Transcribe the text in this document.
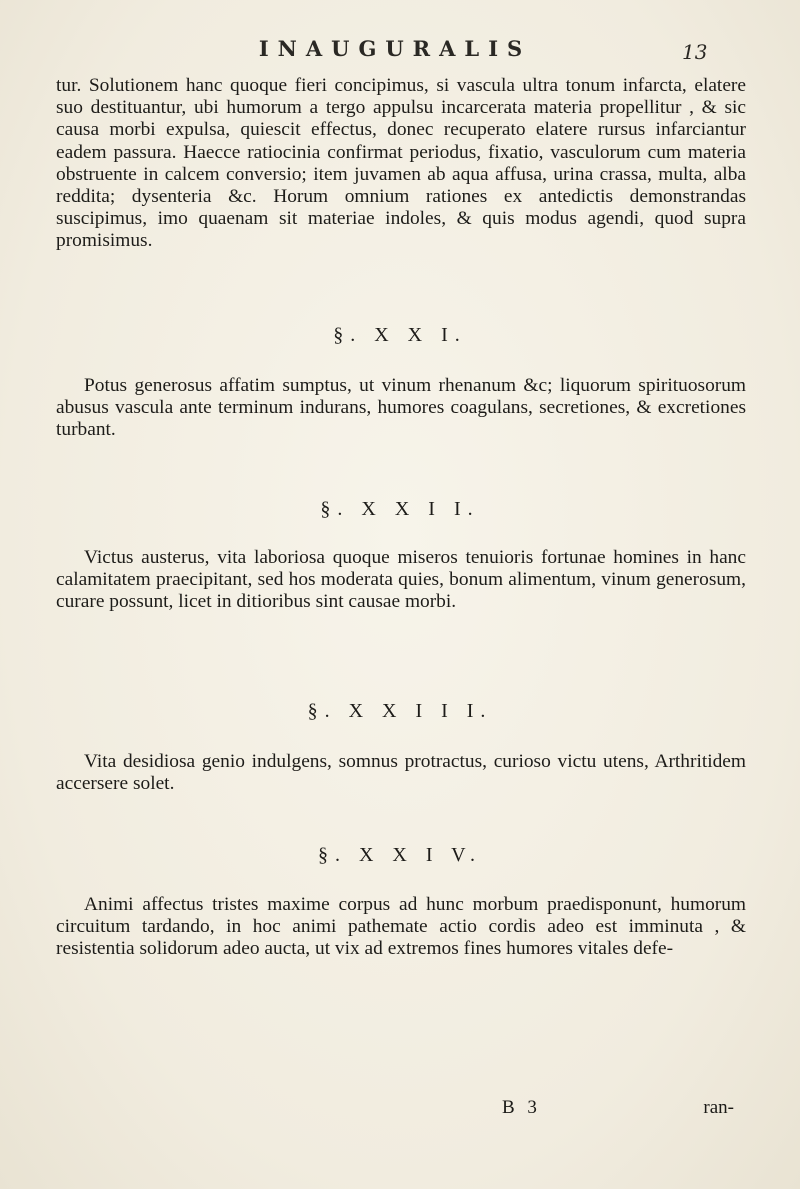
INAUGURALIS	13
tur. Solutionem hanc quoque fieri concipimus, si vascula ultra tonum infarcta, elatere suo destituantur, ubi humorum a tergo appulsu incarcerata materia propellitur , & sic causa morbi expulsa, quiescit effectus, donec recuperato elatere rursus infarciantur eadem passura. Haecce ratiocinia confirmat periodus, fixatio, vasculorum cum materia obstruente in calcem conversio; item juvamen ab aqua affusa, urina crassa, multa, alba reddita; dysenteria &c. Horum omnium rationes ex antedictis demonstrandas suscipimus, imo quaenam sit materiae indoles, & quis modus agendi, quod supra promisimus.
§. X X I.
Potus generosus affatim sumptus, ut vinum rhenanum &c; liquorum spirituosorum abusus vascula ante terminum indurans, humores coagulans, secretiones, & excretiones turbant.
§. X X I I.
Victus austerus, vita laboriosa quoque miseros tenuioris fortunae homines in hanc calamitatem praecipitant, sed hos moderata quies, bonum alimentum, vinum generosum, curare possunt, licet in ditioribus sint causae morbi.
§. X X I I I.
Vita desidiosa genio indulgens, somnus protractus, curioso victu utens, Arthritidem accersere solet.
§. X X I V.
Animi affectus tristes maxime corpus ad hunc morbum praedisponunt, humorum circuitum tardando, in hoc animi pathemate actio cordis adeo est imminuta , & resistentia solidorum adeo aucta, ut vix ad extremos fines humores vitales defe-
B 3	ran-
